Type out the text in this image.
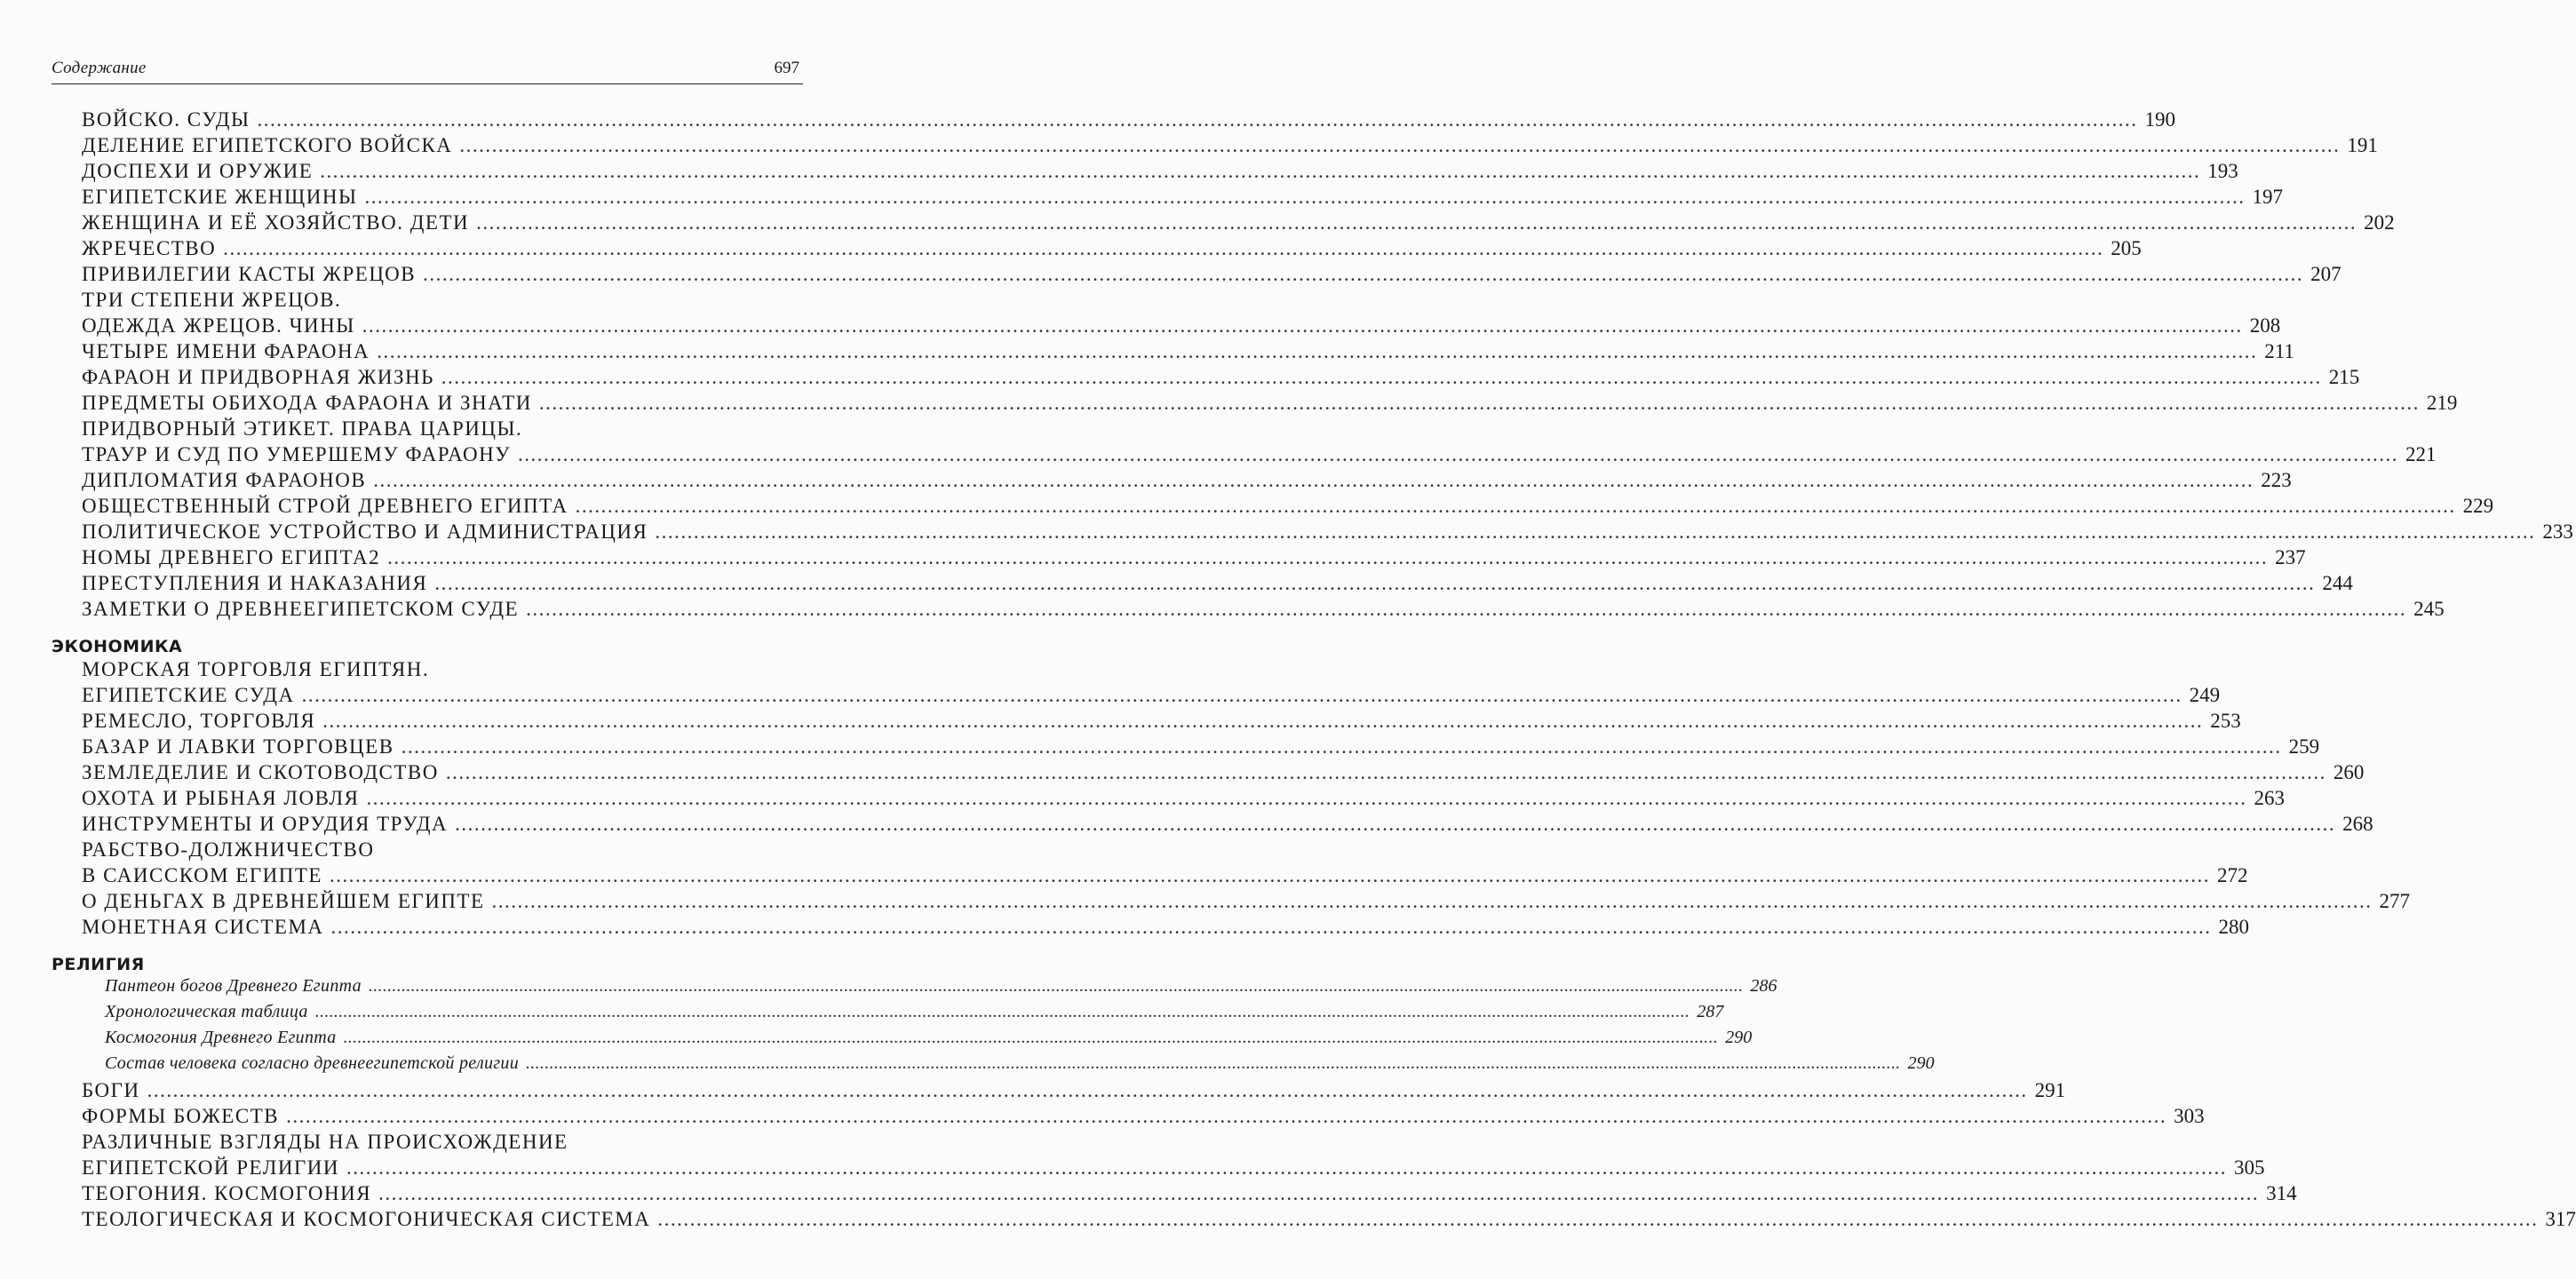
Содержание	697
ВОЙСКО. СУДЫ .....	190
ДЕЛЕНИЕ ЕГИПЕТСКОГО ВОЙСКА .....	191
ДОСПЕХИ И ОРУЖИЕ .....	193
ЕГИПЕТСКИЕ ЖЕНЩИНЫ .....	197
ЖЕНЩИНА И ЕЁ ХОЗЯЙСТВО. ДЕТИ .....	202
ЖРЕЧЕСТВО .....	205
ПРИВИЛЕГИИ КАСТЫ ЖРЕЦОВ .....	207
ТРИ СТЕПЕНИ ЖРЕЦОВ.
ОДЕЖДА ЖРЕЦОВ. ЧИНЫ .....	208
ЧЕТЫРЕ ИМЕНИ ФАРАОНА .....	211
ФАРАОН И ПРИДВОРНАЯ ЖИЗНЬ .....	215
ПРЕДМЕТЫ ОБИХОДА ФАРАОНА И ЗНАТИ .....	219
ПРИДВОРНЫЙ ЭТИКЕТ. ПРАВА ЦАРИЦЫ.
ТРАУР И СУД ПО УМЕРШЕМУ ФАРАОНУ .....	221
ДИПЛОМАТИЯ ФАРАОНОВ .....	223
ОБЩЕСТВЕННЫЙ СТРОЙ ДРЕВНЕГО ЕГИПТА .....	229
ПОЛИТИЧЕСКОЕ УСТРОЙСТВО И АДМИНИСТРАЦИЯ .....	233
НОМЫ ДРЕВНЕГО ЕГИПТА2 .....	237
ПРЕСТУПЛЕНИЯ И НАКАЗАНИЯ .....	244
ЗАМЕТКИ О ДРЕВНЕЕГИПЕТСКОМ СУДЕ .....	245
ЭКОНОМИКА
МОРСКАЯ ТОРГОВЛЯ ЕГИПТЯН.
ЕГИПЕТСКИЕ СУДА .....	249
РЕМЕСЛО, ТОРГОВЛЯ .....	253
БАЗАР И ЛАВКИ ТОРГОВЦЕВ .....	259
ЗЕМЛЕДЕЛИЕ И СКОТОВОДСТВО .....	260
ОХОТА И РЫБНАЯ ЛОВЛЯ .....	263
ИНСТРУМЕНТЫ И ОРУДИЯ ТРУДА .....	268
РАБСТВО-ДОЛЖНИЧЕСТВО
В САИССКОМ ЕГИПТЕ .....	272
О ДЕНЬГАХ В ДРЕВНЕЙШЕМ ЕГИПТЕ .....	277
МОНЕТНАЯ СИСТЕМА .....	280
РЕЛИГИЯ
Пантеон богов Древнего Египта .....	286
Хронологическая таблица .....	287
Космогония Древнего Египта .....	290
Состав человека согласно древнеегипетской религии .....	290
БОГИ .....	291
ФОРМЫ БОЖЕСТВ .....	303
РАЗЛИЧНЫЕ ВЗГЛЯДЫ НА ПРОИСХОЖДЕНИЕ
ЕГИПЕТСКОЙ РЕЛИГИИ .....	305
ТЕОГОНИЯ. КОСМОГОНИЯ .....	314
ТЕОЛОГИЧЕСКАЯ И КОСМОГОНИЧЕСКАЯ СИСТЕМА .....	317
